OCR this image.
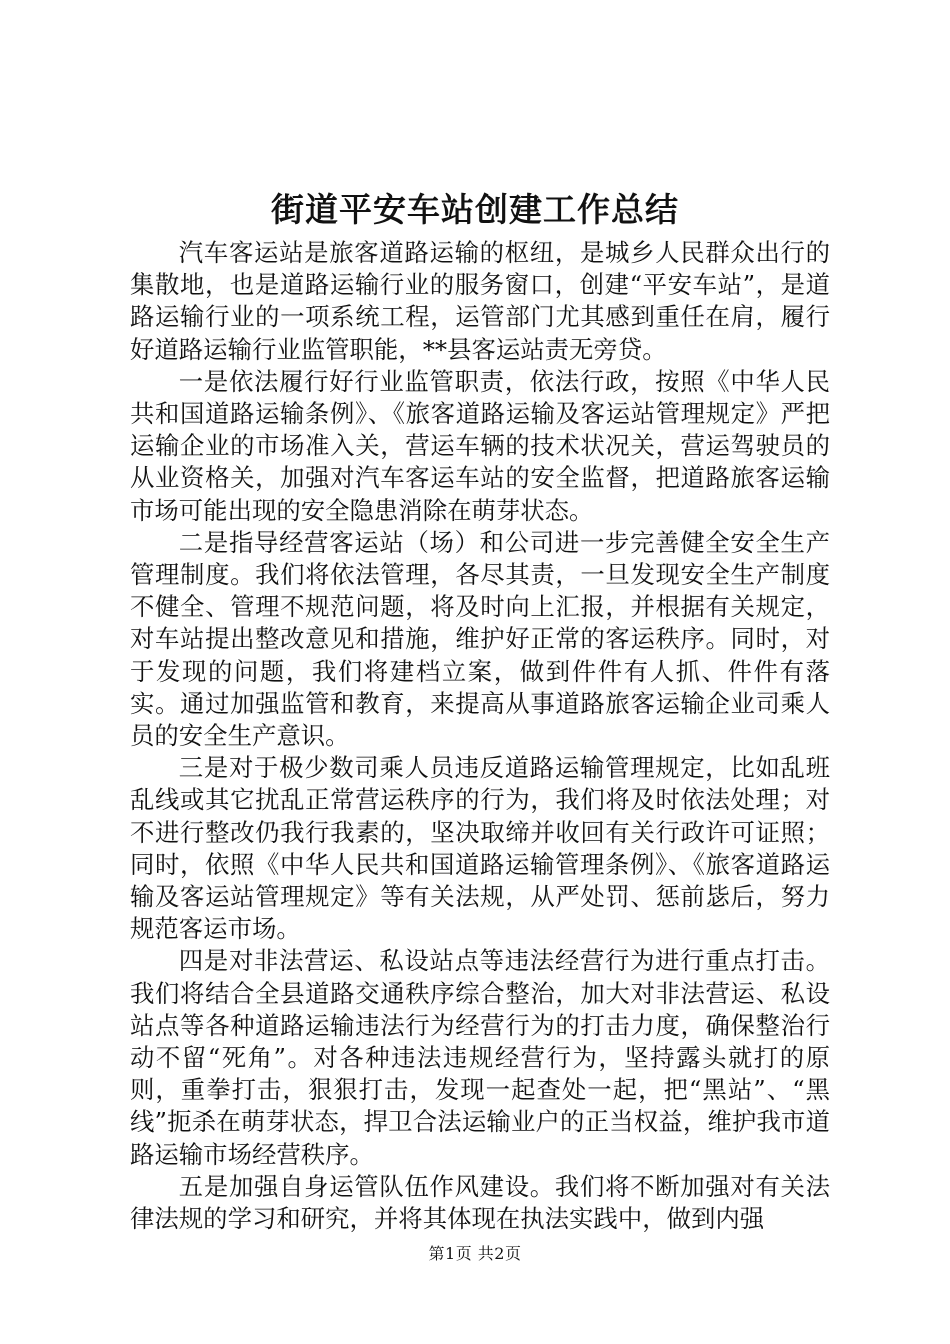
街道平安车站创建工作总结

汽车客运站是旅客道路运输的枢纽，是城乡人民群众出行的集散地，也是道路运输行业的服务窗口，创建“平安车站”，是道路运输行业的一项系统工程，运管部门尤其感到重任在肩，履行好道路运输行业监管职能，**县客运站责无旁贷。

一是依法履行好行业监管职责，依法行政，按照《中华人民共和国道路运输条例》、《旅客道路运输及客运站管理规定》严把运输企业的市场准入关，营运车辆的技术状况关，营运驾驶员的从业资格关，加强对汽车客运车站的安全监督，把道路旅客运输市场可能出现的安全隐患消除在萌芽状态。

二是指导经营客运站（场）和公司进一步完善健全安全生产管理制度。我们将依法管理，各尽其责，一旦发现安全生产制度不健全、管理不规范问题，将及时向上汇报，并根据有关规定，对车站提出整改意见和措施，维护好正常的客运秩序。同时，对于发现的问题，我们将建档立案，做到件件有人抓、件件有落实。通过加强监管和教育，来提高从事道路旅客运输企业司乘人员的安全生产意识。

三是对于极少数司乘人员违反道路运输管理规定，比如乱班乱线或其它扰乱正常营运秩序的行为，我们将及时依法处理；对不进行整改仍我行我素的，坚决取缔并收回有关行政许可证照；同时，依照《中华人民共和国道路运输管理条例》、《旅客道路运输及客运站管理规定》等有关法规，从严处罚、惩前毖后，努力规范客运市场。

四是对非法营运、私设站点等违法经营行为进行重点打击。我们将结合全县道路交通秩序综合整治，加大对非法营运、私设站点等各种道路运输违法行为经营行为的打击力度，确保整治行动不留“死角”。对各种违法违规经营行为，坚持露头就打的原则，重拳打击，狠狠打击，发现一起查处一起，把“黑站”、“黑线”扼杀在萌芽状态，捍卫合法运输业户的正当权益，维护我市道路运输市场经营秩序。

五是加强自身运管队伍作风建设。我们将不断加强对有关法律法规的学习和研究，并将其体现在执法实践中，做到内强

第1页 共2页
